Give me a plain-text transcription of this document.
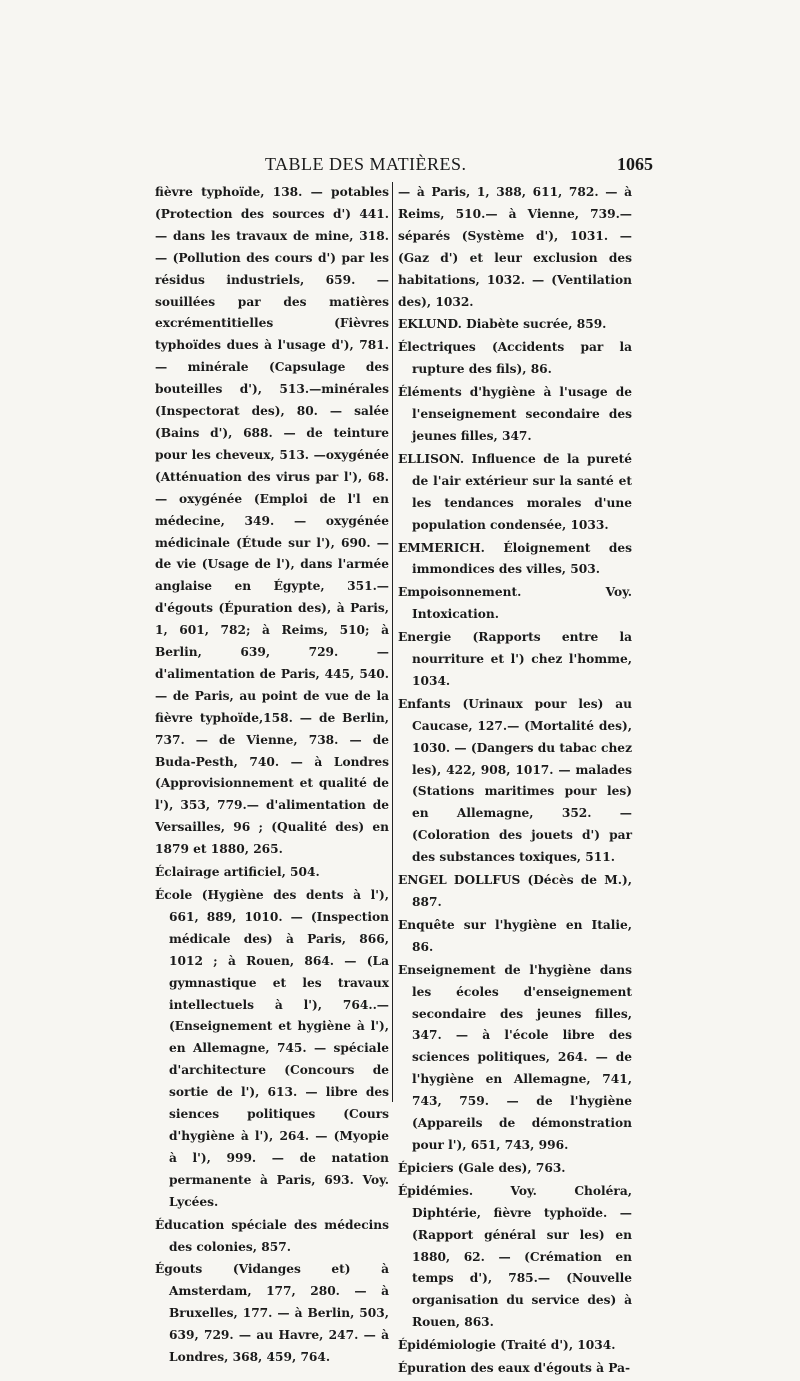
TABLE DES MATIÈRES.	1065

fièvre typhoïde, 138. — potables (Protection des sources d') 441. — dans les travaux de mine, 318. — (Pollution des cours d') par les résidus industriels, 659. — souillées par des matières excrémentitielles (Fièvres typhoïdes dues à l'usage d'), 781. — minérale (Capsulage des bouteilles d'), 513.—minérales (Inspectorat des), 80. — salée (Bains d'), 688. — de teinture pour les cheveux, 513. —oxygénée (Atténuation des virus par l'), 68. — oxygénée (Emploi de l'l en médecine, 349. — oxygénée médicinale (Étude sur l'), 690. — de vie (Usage de l'), dans l'armée anglaise en Égypte, 351.— d'égouts (Épuration des), à Paris, 1, 601, 782; à Reims, 510; à Berlin, 639, 729. — d'alimentation de Paris, 445, 540. — de Paris, au point de vue de la fièvre typhoïde,158. — de Berlin, 737. — de Vienne, 738. — de Buda-Pesth, 740. — à Londres (Approvisionnement et qualité de l'), 353, 779.— d'alimentation de Versailles, 96 ; (Qualité des) en 1879 et 1880, 265.

Éclairage artificiel, 504.

École (Hygiène des dents à l'), 661, 889, 1010. — (Inspection médicale des) à Paris, 866, 1012 ; à Rouen, 864. — (La gymnastique et les travaux intellectuels à l'), 764..— (Enseignement et hygiène à l'), en Allemagne, 745. — spéciale d'architecture (Concours de sortie de l'), 613. — libre des siences politiques (Cours d'hygiène à l'), 264. — (Myopie à l'), 999. — de natation permanente à Paris, 693. Voy. Lycées.

Éducation spéciale des médecins des colonies, 857.

Égouts (Vidanges et) à Amsterdam, 177, 280. — à Bruxelles, 177. — à Berlin, 503, 639, 729. — au Havre, 247. — à Londres, 368, 459, 764.

— à Paris, 1, 388, 611, 782. — à Reims, 510.— à Vienne, 739.— séparés (Système d'), 1031. — (Gaz d') et leur exclusion des habitations, 1032. — (Ventilation des), 1032.

EKLUND. Diabète sucrée, 859.

Électriques (Accidents par la rupture des fils), 86.

Éléments d'hygiène à l'usage de l'enseignement secondaire des jeunes filles, 347.

ELLISON. Influence de la pureté de l'air extérieur sur la santé et les tendances morales d'une population condensée, 1033.

EMMERICH. Éloignement des immondices des villes, 503.

Empoisonnement. Voy. Intoxication.

Energie (Rapports entre la nourriture et l') chez l'homme, 1034.

Enfants (Urinaux pour les) au Caucase, 127.— (Mortalité des), 1030. — (Dangers du tabac chez les), 422, 908, 1017. — malades (Stations maritimes pour les) en Allemagne, 352. — (Coloration des jouets d') par des substances toxiques, 511.

ENGEL DOLLFUS (Décès de M.), 887.

Enquête sur l'hygiène en Italie, 86.

Enseignement de l'hygiène dans les écoles d'enseignement secondaire des jeunes filles, 347. — à l'école libre des sciences politiques, 264. — de l'hygiène en Allemagne, 741, 743, 759. — de l'hygiène (Appareils de démonstration pour l'), 651, 743, 996.

Épiciers (Gale des), 763.

Épidémies. Voy. Choléra, Diphtérie, fièvre typhoïde. — (Rapport général sur les) en 1880, 62. — (Crémation en temps d'), 785.— (Nouvelle organisation du service des) à Rouen, 863.

Épidémiologie (Traité d'), 1034.

Épuration des eaux d'égouts à Pa-
